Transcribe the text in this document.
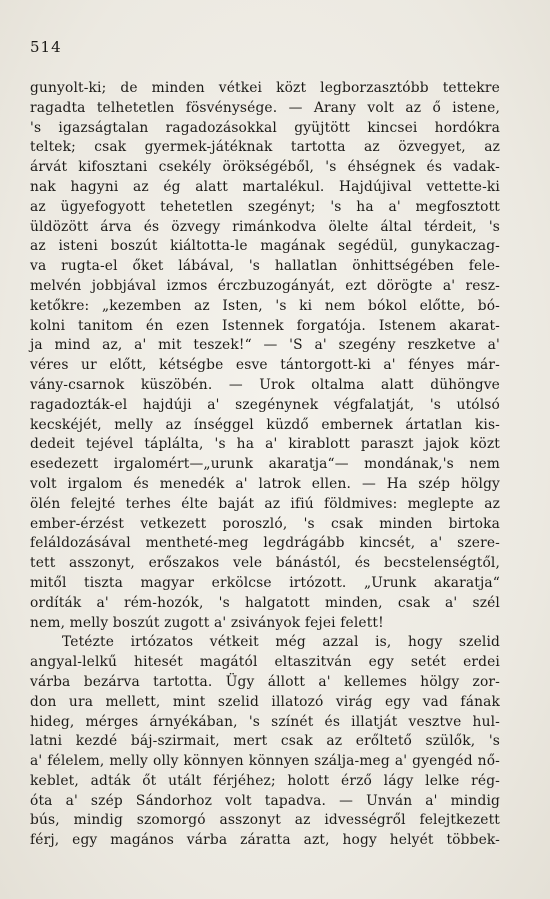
514
gunyolt-ki; de minden vétkei közt legborzasztóbb tettekre
ragadta telhetetlen fösvénysége. — Arany volt az ő istene,
's igazságtalan ragadozásokkal gyüjtött kincsei hordókra
teltek; csak gyermek-játéknak tartotta az özvegyet, az
árvát kifosztani csekély örökségéből, 's éhségnek és vadak-
nak hagyni az ég alatt martalékul. Hajdújival vettette-ki
az ügyefogyott tehetetlen szegényt; 's ha a' megfosztott
üldözött árva és özvegy rimánkodva ölelte által térdeit, 's
az isteni boszút kiáltotta-le magának segédül, gunykaczag-
va rugta-el őket lábával, 's hallatlan önhittségében fele-
melvén jobbjával izmos érczbuzogányát, ezt dörögte a' resz-
ketőkre: „kezemben az Isten, 's ki nem bókol előtte, bó-
kolni tanitom én ezen Istennek forgatója. Istenem akarat-
ja mind az, a' mit teszek!“ — 'S a' szegény reszketve a'
véres ur előtt, kétségbe esve tántorgott-ki a' fényes már-
vány-csarnok küszöbén. — Urok oltalma alatt dühöngve
ragadozták-el hajdúji a' szegénynek végfalatját, 's utólsó
kecskéjét, melly az ínséggel küzdő embernek ártatlan kis-
dedeit tejével táplálta, 's ha a' kirablott paraszt jajok közt
esedezett irgalomért—„urunk akaratja“— mondának,'s nem
volt irgalom és menedék a' latrok ellen. — Ha szép hölgy
ölén felejté terhes élte baját az ifiú földmives: meglepte az
ember-érzést vetkezett poroszló, 's csak minden birtoka
feláldozásával mentheté-meg legdrágább kincsét, a' szere-
tett asszonyt, erőszakos vele bánástól, és becstelenségtől,
mitől tiszta magyar erkölcse irtózott. „Urunk akaratja“
ordíták a' rém-hozók, 's halgatott minden, csak a' szél
nem, melly boszút zugott a' zsiványok fejei felett!
Tetézte irtózatos vétkeit még azzal is, hogy szelid
angyal-lelkű hitesét magától eltaszitván egy setét erdei
várba bezárva tartotta. Ügy állott a' kellemes hölgy zor-
don ura mellett, mint szelid illatozó virág egy vad fának
hideg, mérges árnyékában, 's színét és illatját vesztve hul-
latni kezdé báj-szirmait, mert csak az erőltető szülők, 's
a' félelem, melly olly könnyen könnyen szálja-meg a' gyengéd nő-
keblet, adták őt utált férjéhez; holott érző lágy lelke rég-
óta a' szép Sándorhoz volt tapadva. — Unván a' mindig
bús, mindig szomorgó asszonyt az idvességről felejtkezett
férj, egy magános várba záratta azt, hogy helyét többek-
